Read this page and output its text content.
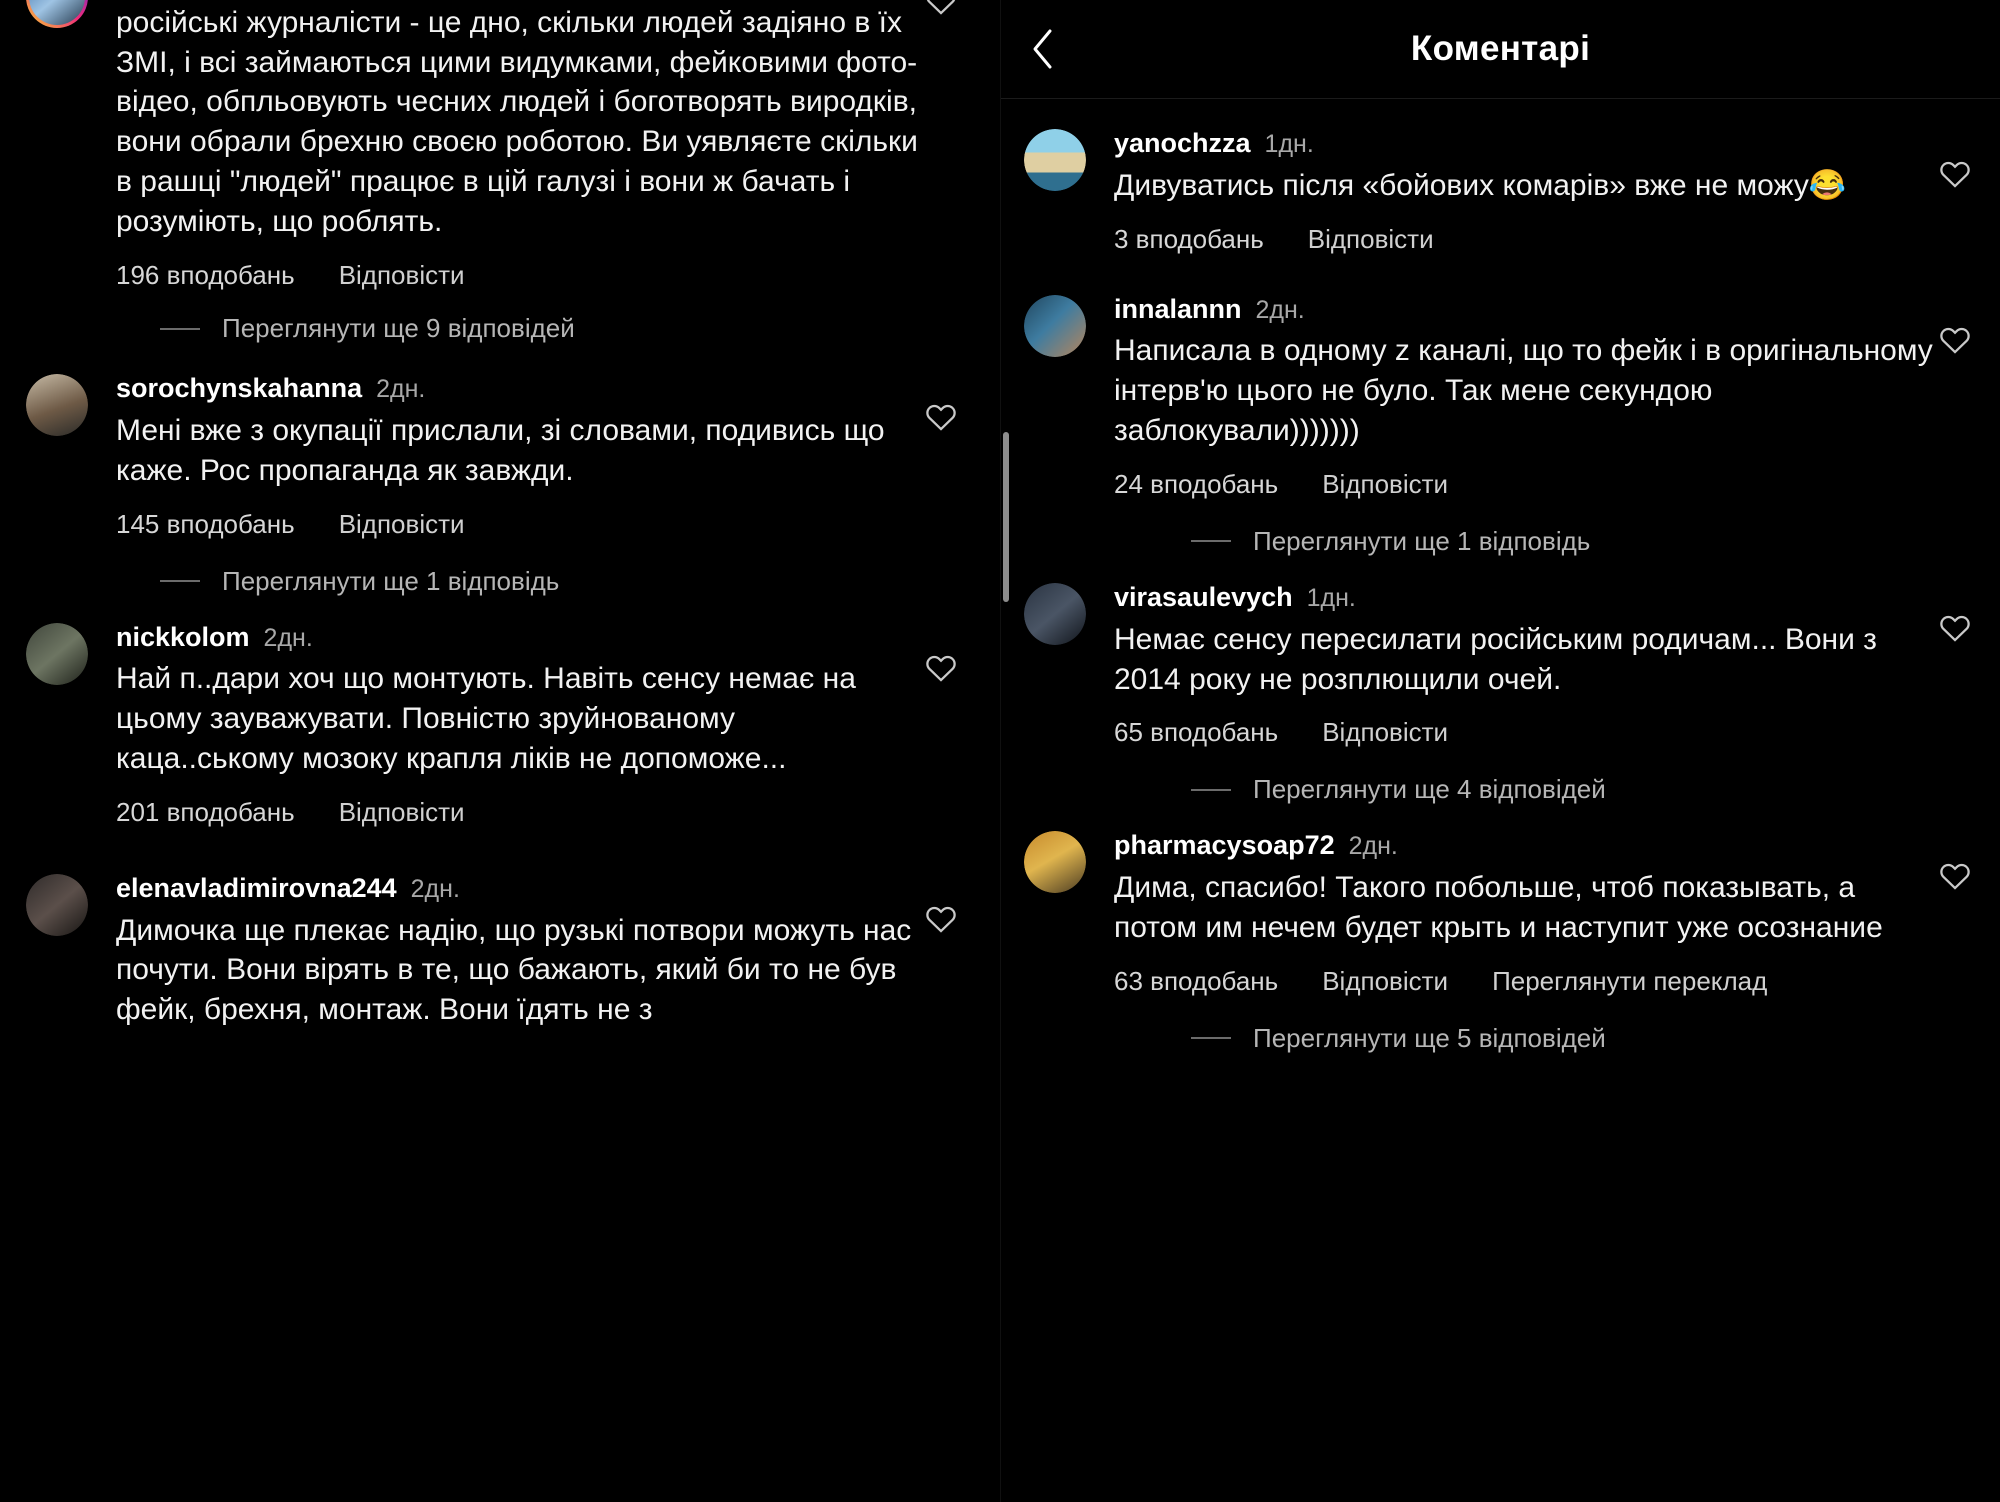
російські журналісти - це дно, скільки людей задіяно в їх ЗМІ, і всі займаються цими видумками, фейковими фото-відео, обпльовують чесних людей і боготворять виродків, вони обрали брехню своєю роботою. Ви уявляєте скільки в рашці "людей" працює в цій галузі і вони ж бачать і розуміють, що роблять.
196 вподобань Відповісти
Переглянути ще 9 відповідей
sorochynskahanna 2дн.
Мені вже з окупації прислали, зі словами, подивись що каже. Рос пропаганда як завжди.
145 вподобань Відповісти
Переглянути ще 1 відповідь
nickkolom 2дн.
Най п..дари хоч що монтують. Навіть сенсу немає на цьому зауважувати. Повністю зруйнованому каца..ському мозоку крапля ліків не допоможе...
201 вподобань Відповісти
elenavladimirovna244 2дн.
Димочка ще плекає надію, що рузькі потвори можуть нас почути. Вони вірять в те, що бажають, який би то не був фейк, брехня, монтаж. Вони їдять не з
Коментарі
yanochzza 1дн.
Дивуватись після «бойових комарів» вже не можу😂
3 вподобань Відповісти
innalannn 2дн.
Написала в одному z каналі, що то фейк і в оригінальному інтерв'ю цього не було. Так мене секундою заблокували)))))))
24 вподобань Відповісти
Переглянути ще 1 відповідь
virasaulevych 1дн.
Немає сенсу пересилати російським родичам... Вони з  2014 року не розплющили очей.
65 вподобань Відповісти
Переглянути ще 4 відповідей
pharmacysoap72 2дн.
Дима, спасибо! Такого побольше, чтоб показывать, а потом им нечем будет крыть и наступит уже осознание
63 вподобань Відповісти Переглянути переклад
Переглянути ще 5 відповідей
